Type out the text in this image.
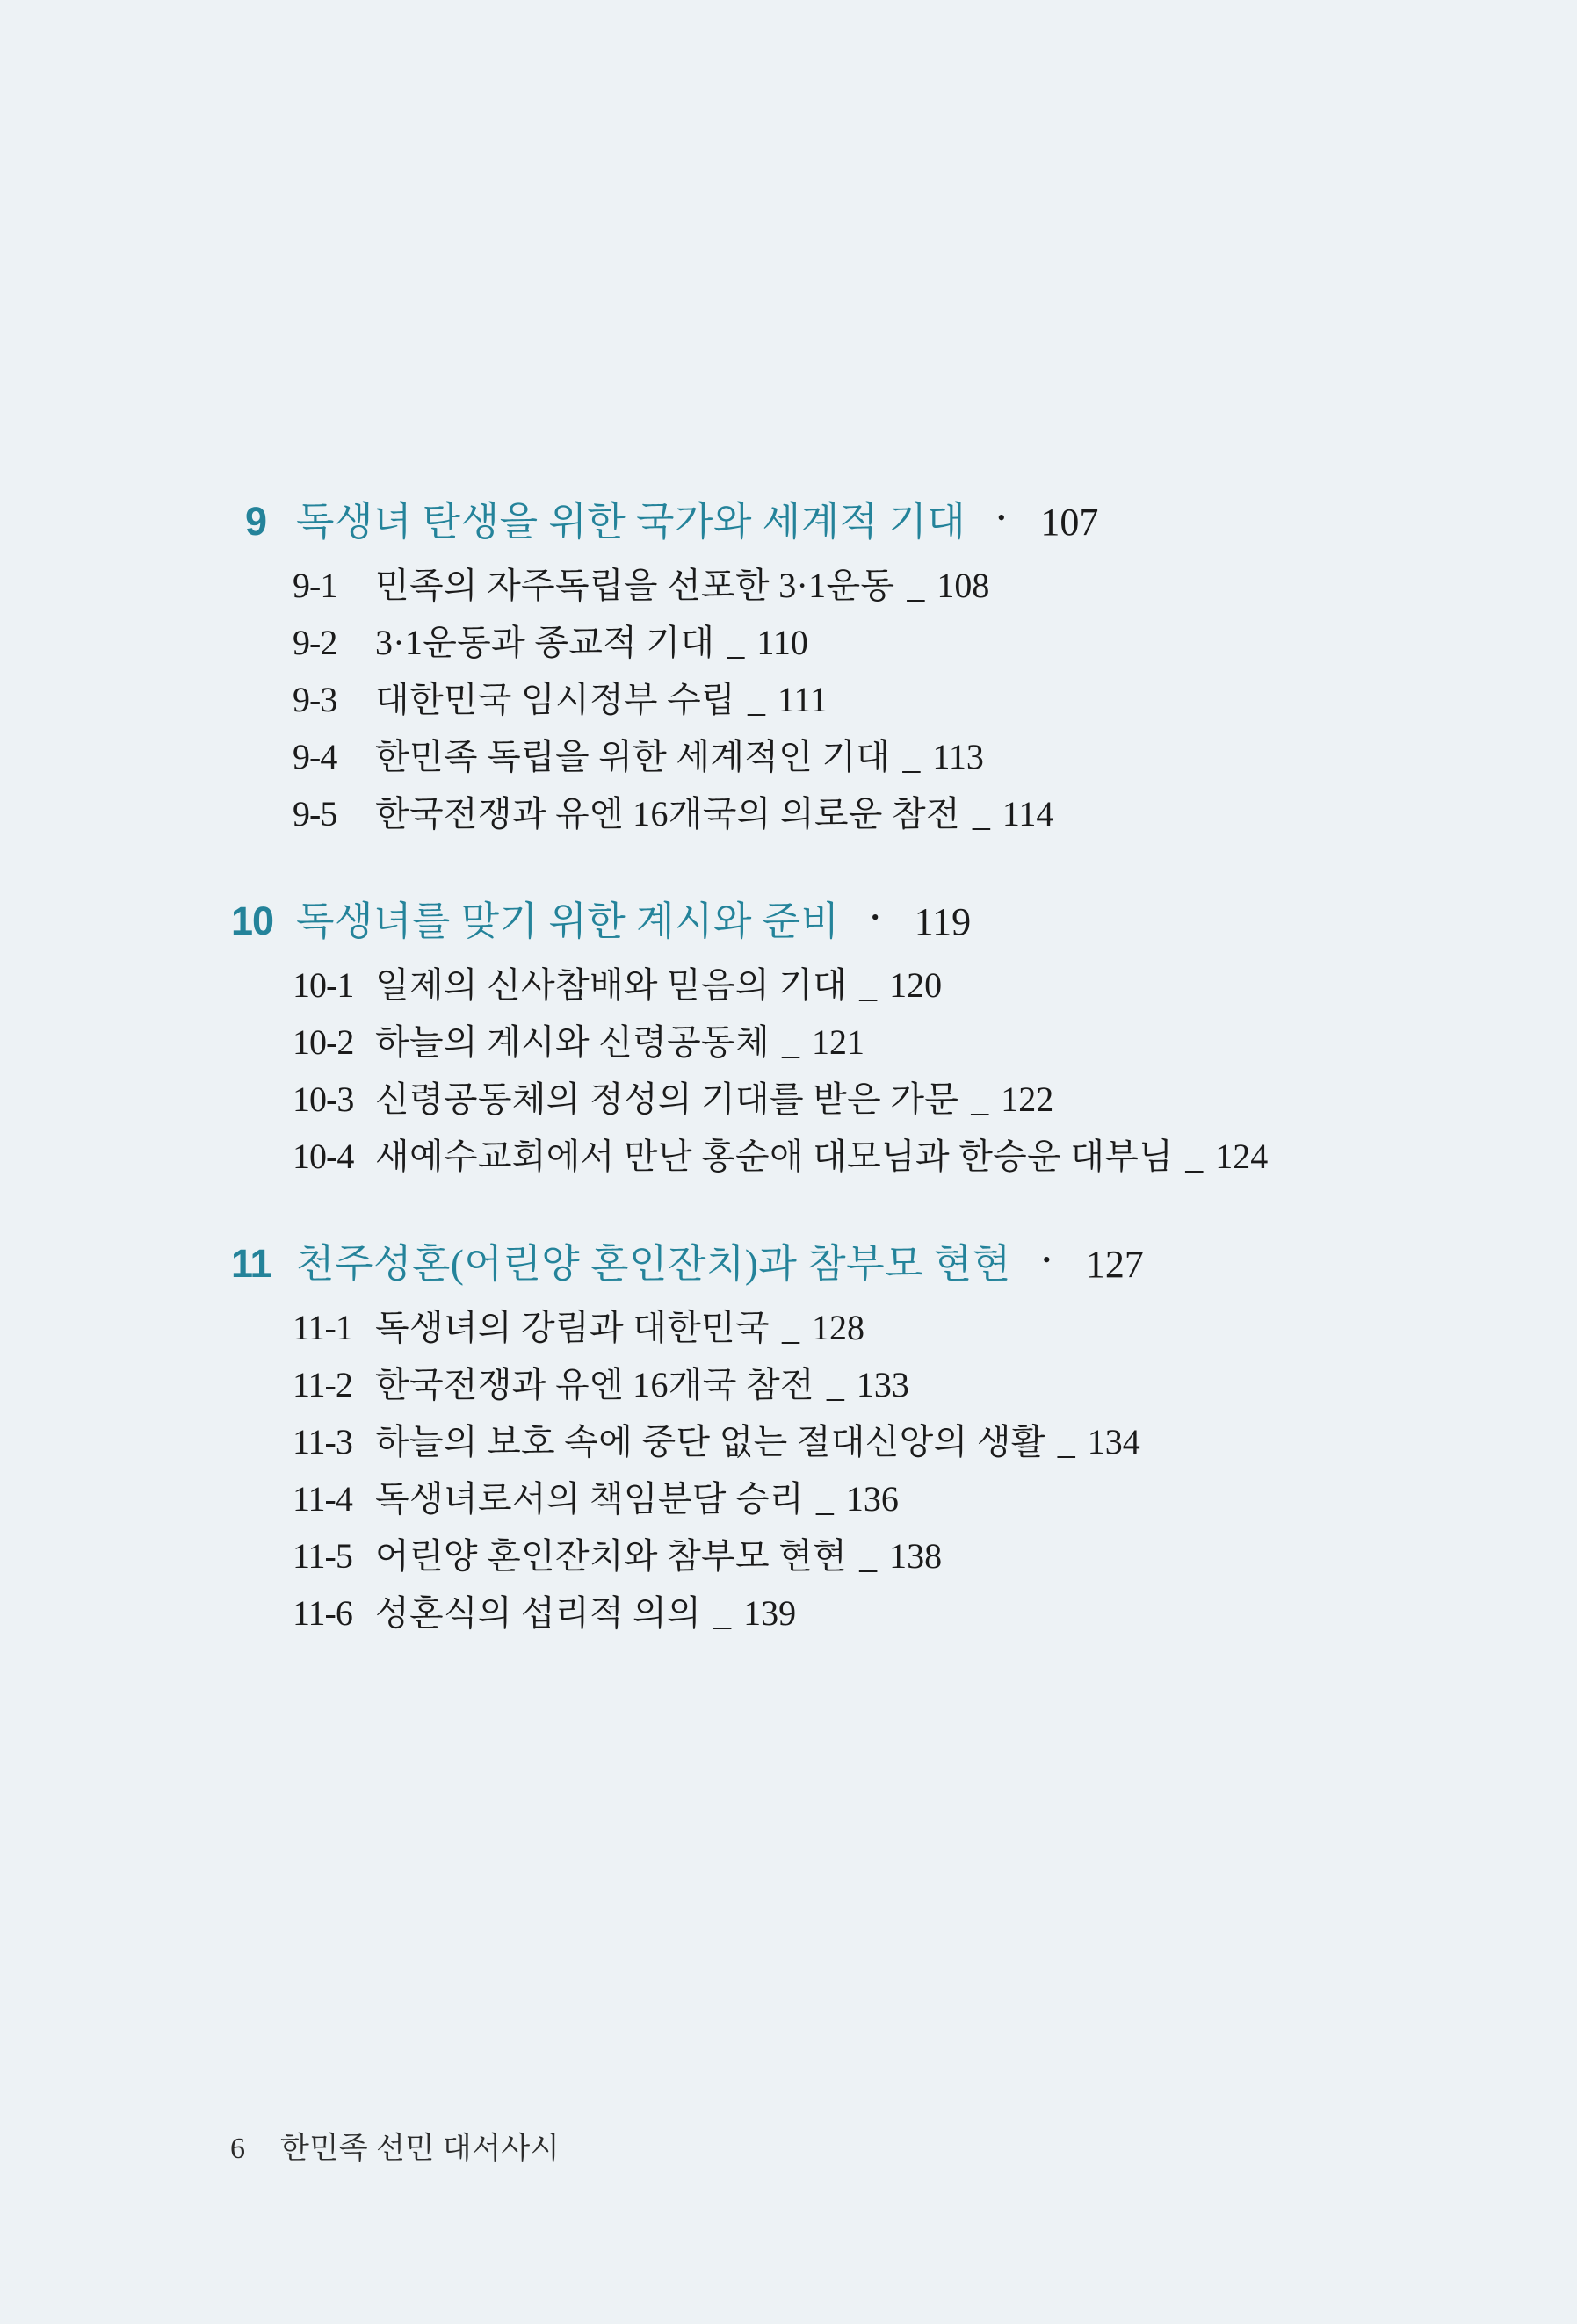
9 독생녀 탄생을 위한 국가와 세계적 기대 • 107
9-1	민족의 자주독립을 선포한 3·1운동 _ 108
9-2	3·1운동과 종교적 기대 _ 110
9-3	대한민국 임시정부 수립 _ 111
9-4	한민족 독립을 위한 세계적인 기대 _ 113
9-5	한국전쟁과 유엔 16개국의 의로운 참전 _ 114
10 독생녀를 맞기 위한 계시와 준비 • 119
10-1 일제의 신사참배와 믿음의 기대 _ 120
10-2 하늘의 계시와 신령공동체 _ 121
10-3 신령공동체의 정성의 기대를 받은 가문 _ 122
10-4 새예수교회에서 만난 홍순애 대모님과 한승운 대부님 _ 124
11 천주성혼(어린양 혼인잔치)과 참부모 현현 • 127
11-1 독생녀의 강림과 대한민국 _ 128
11-2 한국전쟁과 유엔 16개국 참전 _ 133
11-3 하늘의 보호 속에 중단 없는 절대신앙의 생활 _ 134
11-4 독생녀로서의 책임분담 승리 _ 136
11-5 어린양 혼인잔치와 참부모 현현 _ 138
11-6 성혼식의 섭리적 의의 _ 139
6 한민족 선민 대서사시
